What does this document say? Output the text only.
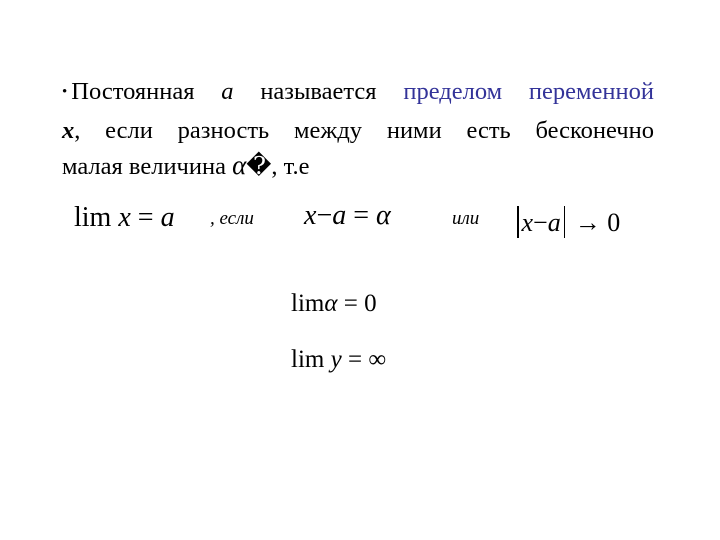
• Постоянная a называется пределом переменной
x, если разность между ними есть бесконечно
малая величина α�, т.е
lim x = a , если x−a = α	или x−a → 0
limα = 0
lim y = ∞
